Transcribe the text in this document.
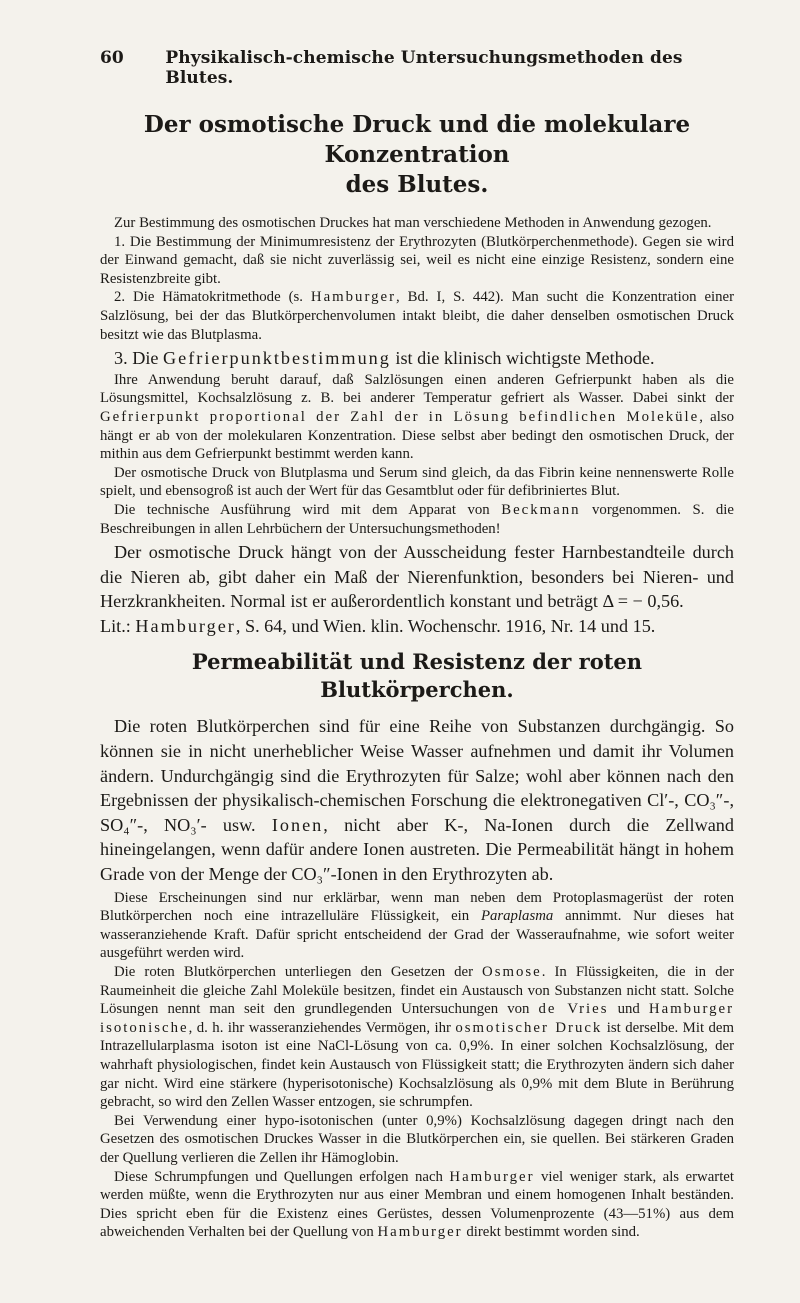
60	Physikalisch-chemische Untersuchungsmethoden des Blutes.
Der osmotische Druck und die molekulare Konzentration
des Blutes.

Zur Bestimmung des osmotischen Druckes hat man verschiedene Methoden in Anwendung gezogen.

1. Die Bestimmung der Minimumresistenz der Erythrozyten (Blutkörperchenmethode). Gegen sie wird der Einwand gemacht, daß sie nicht zuverlässig sei, weil es nicht eine einzige Resistenz, sondern eine Resistenzbreite gibt.

2. Die Hämatokritmethode (s. Hamburger, Bd. I, S. 442). Man sucht die Konzentration einer Salzlösung, bei der das Blutkörperchenvolumen intakt bleibt, die daher denselben osmotischen Druck besitzt wie das Blutplasma.

3. Die Gefrierpunktbestimmung ist die klinisch wichtigste Methode.

Ihre Anwendung beruht darauf, daß Salzlösungen einen anderen Gefrierpunkt haben als die Lösungsmittel, Kochsalzlösung z. B. bei anderer Temperatur gefriert als Wasser. Dabei sinkt der Gefrierpunkt proportional der Zahl der in Lösung befindlichen Moleküle, also hängt er ab von der molekularen Konzentration. Diese selbst aber bedingt den osmotischen Druck, der mithin aus dem Gefrierpunkt bestimmt werden kann.

Der osmotische Druck von Blutplasma und Serum sind gleich, da das Fibrin keine nennenswerte Rolle spielt, und ebensogroß ist auch der Wert für das Gesamtblut oder für defibriniertes Blut.

Die technische Ausführung wird mit dem Apparat von Beckmann vorgenommen. S. die Beschreibungen in allen Lehrbüchern der Untersuchungsmethoden!

Der osmotische Druck hängt von der Ausscheidung fester Harnbestandteile durch die Nieren ab, gibt daher ein Maß der Nierenfunktion, besonders bei Nieren- und Herzkrankheiten. Normal ist er außerordentlich konstant und beträgt Δ = − 0,56.

Lit.: Hamburger, S. 64, und Wien. klin. Wochenschr. 1916, Nr. 14 und 15.

Permeabilität und Resistenz der roten Blutkörperchen.

Die roten Blutkörperchen sind für eine Reihe von Substanzen durchgängig. So können sie in nicht unerheblicher Weise Wasser aufnehmen und damit ihr Volumen ändern. Undurchgängig sind die Erythrozyten für Salze; wohl aber können nach den Ergebnissen der physikalisch-chemischen Forschung die elektronegativen Cl′-, CO₃″-, SO₄″-, NO₃′- usw. Ionen, nicht aber K-, Na-Ionen durch die Zellwand hineingelangen, wenn dafür andere Ionen austreten. Die Permeabilität hängt in hohem Grade von der Menge der CO₃″-Ionen in den Erythrozyten ab.

Diese Erscheinungen sind nur erklärbar, wenn man neben dem Protoplasmagerüst der roten Blutkörperchen noch eine intrazelluläre Flüssigkeit, ein Paraplasma annimmt. Nur dieses hat wasseranziehende Kraft. Dafür spricht entscheidend der Grad der Wasseraufnahme, wie sofort weiter ausgeführt werden wird.

Die roten Blutkörperchen unterliegen den Gesetzen der Osmose. In Flüssigkeiten, die in der Raumeinheit die gleiche Zahl Moleküle besitzen, findet ein Austausch von Substanzen nicht statt. Solche Lösungen nennt man seit den grundlegenden Untersuchungen von de Vries und Hamburger isotonische, d. h. ihr wasseranziehendes Vermögen, ihr osmotischer Druck ist derselbe. Mit dem Intrazellularplasma isoton ist eine NaCl-Lösung von ca. 0,9%. In einer solchen Kochsalzlösung, der wahrhaft physiologischen, findet kein Austausch von Flüssigkeit statt; die Erythrozyten ändern sich daher gar nicht. Wird eine stärkere (hyperisotonische) Kochsalzlösung als 0,9% mit dem Blute in Berührung gebracht, so wird den Zellen Wasser entzogen, sie schrumpfen.

Bei Verwendung einer hypo-isotonischen (unter 0,9%) Kochsalzlösung dagegen dringt nach den Gesetzen des osmotischen Druckes Wasser in die Blutkörperchen ein, sie quellen. Bei stärkeren Graden der Quellung verlieren die Zellen ihr Hämoglobin.

Diese Schrumpfungen und Quellungen erfolgen nach Hamburger viel weniger stark, als erwartet werden müßte, wenn die Erythrozyten nur aus einer Membran und einem homogenen Inhalt beständen. Dies spricht eben für die Existenz eines Gerüstes, dessen Volumenprozente (43—51%) aus dem abweichenden Verhalten bei der Quellung von Hamburger direkt bestimmt worden sind.
